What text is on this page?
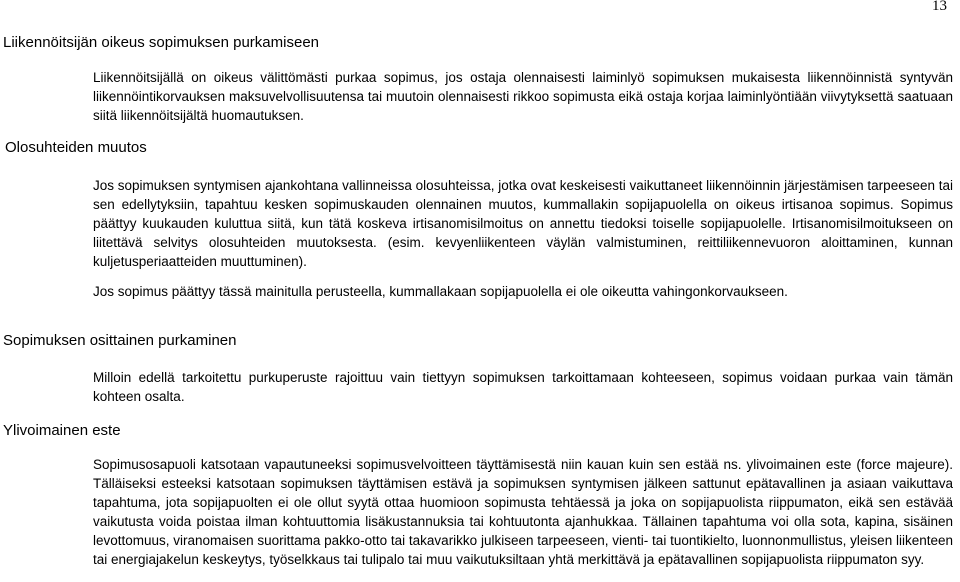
13
Liikennöitsijän oikeus sopimuksen purkamiseen

Liikennöitsijällä on oikeus välittömästi purkaa sopimus, jos ostaja olennaisesti laiminlyö sopimuksen mukaisesta liikennöinnistä syntyvän liikennöintikorvauksen maksuvelvollisuutensa tai muutoin olennaisesti rikkoo sopimusta eikä ostaja korjaa laiminlyöntiään viivytyksettä saatuaan siitä liikennöitsijältä huomautuksen.

Olosuhteiden muutos

Jos sopimuksen syntymisen ajankohtana vallinneissa olosuhteissa, jotka ovat keskeisesti vaikuttaneet liikennöinnin järjestämisen tarpeeseen tai sen edellytyksiin, tapahtuu kesken sopimuskauden olennainen muutos, kummallakin sopijapuolella on oikeus irtisanoa sopimus. Sopimus päättyy kuukauden kuluttua siitä, kun tätä koskeva irtisanomisilmoitus on annettu tiedoksi toiselle sopijapuolelle. Irtisanomisilmoitukseen on liitettävä selvitys olosuhteiden muutoksesta. (esim. kevyenliikenteen väylän valmistuminen, reittiliikennevuoron aloittaminen, kunnan kuljetusperiaatteiden muuttuminen).

Jos sopimus päättyy tässä mainitulla perusteella, kummallakaan sopijapuolella ei ole oikeutta vahingonkorvaukseen.

Sopimuksen osittainen purkaminen

Milloin edellä tarkoitettu purkuperuste rajoittuu vain tiettyyn sopimuksen tarkoittamaan kohteeseen, sopimus voidaan purkaa vain tämän kohteen osalta.

Ylivoimainen este

Sopimusosapuoli katsotaan vapautuneeksi sopimusvelvoitteen täyttämisestä niin kauan kuin sen estää ns. ylivoimainen este (force majeure). Tälläiseksi esteeksi katsotaan sopimuksen täyttämisen estävä ja sopimuksen syntymisen jälkeen sattunut epätavallinen ja asiaan vaikuttava tapahtuma, jota sopijapuolten ei ole ollut syytä ottaa huomioon sopimusta tehtäessä ja joka on sopijapuolista riippumaton, eikä sen estävää vaikutusta voida poistaa ilman kohtuuttomia lisäkustannuksia tai kohtuutonta ajanhukkaa. Tällainen tapahtuma voi olla sota, kapina, sisäinen levottomuus, viranomaisen suorittama pakko-otto tai takavarikko julkiseen tarpeeseen, vienti- tai tuontikielto, luonnonmullistus, yleisen liikenteen tai energiajakelun keskeytys, työselkkaus tai tulipalo tai muu vaikutuksiltaan yhtä merkittävä ja epätavallinen sopijapuolista riippumaton syy.
